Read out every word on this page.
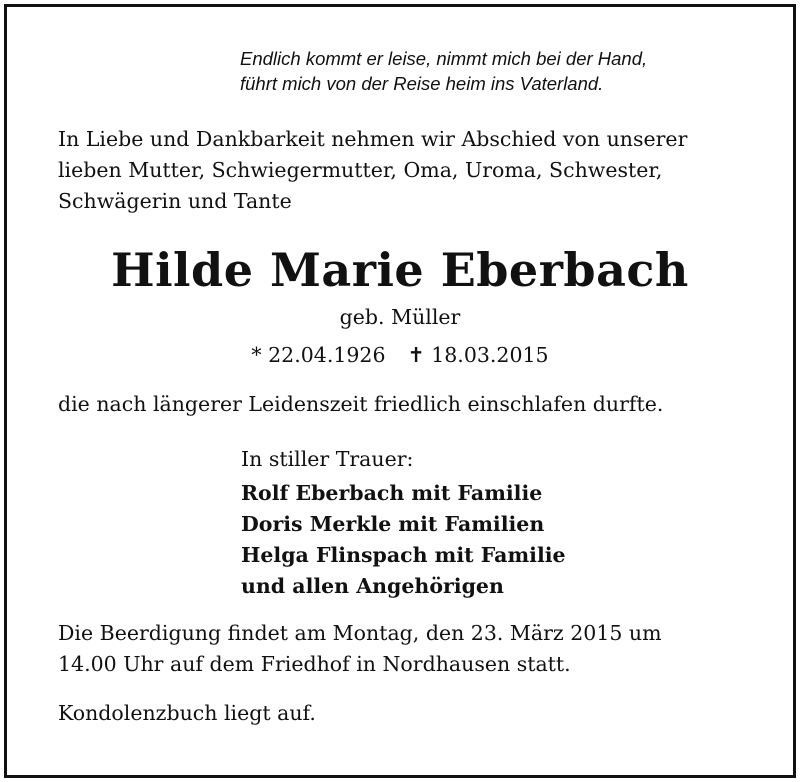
Endlich kommt er leise, nimmt mich bei der Hand,
führt mich von der Reise heim ins Vaterland.
In Liebe und Dankbarkeit nehmen wir Abschied von unserer
lieben Mutter, Schwiegermutter, Oma, Uroma, Schwester,
Schwägerin und Tante
Hilde Marie Eberbach
geb. Müller
* 22.04.1926 ✝ 18.03.2015
die nach längerer Leidenszeit friedlich einschlafen durfte.
In stiller Trauer:
Rolf Eberbach mit Familie
Doris Merkle mit Familien
Helga Flinspach mit Familie
und allen Angehörigen
Die Beerdigung findet am Montag, den 23. März 2015 um
14.00 Uhr auf dem Friedhof in Nordhausen statt.
Kondolenzbuch liegt auf.
